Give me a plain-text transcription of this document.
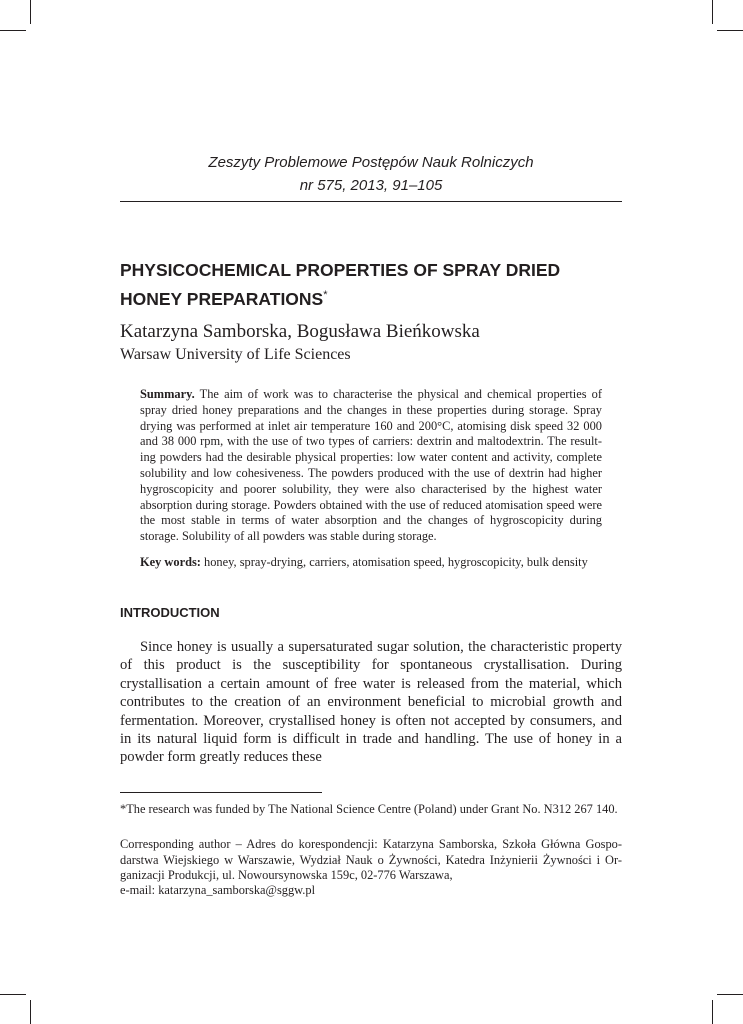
Zeszyty Problemowe Postępów Nauk Rolniczych
nr 575, 2013, 91–105
PHYSICOCHEMICAL PROPERTIES OF SPRAY DRIED
HONEY PREPARATIONS*
Katarzyna Samborska, Bogusława Bieńkowska
Warsaw University of Life Sciences
Summary. The aim of work was to characterise the physical and chemical properties of spray dried honey preparations and the changes in these properties during storage. Spray drying was performed at inlet air temperature 160 and 200°C, atomising disk speed 32 000 and 38 000 rpm, with the use of two types of carriers: dextrin and maltodextrin. The result-ing powders had the desirable physical properties: low water content and activity, complete solubility and low cohesiveness. The powders produced with the use of dextrin had higher hygroscopicity and poorer solubility, they were also characterised by the highest water absorption during storage. Powders obtained with the use of reduced atomisation speed were the most stable in terms of water absorption and the changes of hygroscopicity during storage. Solubility of all powders was stable during storage.
Key words: honey, spray-drying, carriers, atomisation speed, hygroscopicity, bulk density
INTRODUCTION
Since honey is usually a supersaturated sugar solution, the characteristic property of this product is the susceptibility for spontaneous crystallisation. During crystallisation a certain amount of free water is released from the material, which contributes to the creation of an environment beneficial to microbial growth and fermentation. Moreover, crystallised honey is often not accepted by consumers, and in its natural liquid form is difficult in trade and handling. The use of honey in a powder form greatly reduces these
*The research was funded by The National Science Centre (Poland) under Grant No. N312 267 140.
Corresponding author – Adres do korespondencji: Katarzyna Samborska, Szkoła Główna Gospo-darstwa Wiejskiego w Warszawie, Wydział Nauk o Żywności, Katedra Inżynierii Żywności i Or-ganizacji Produkcji, ul. Nowoursynowska 159c, 02-776 Warszawa,
e-mail: katarzyna_samborska@sggw.pl
